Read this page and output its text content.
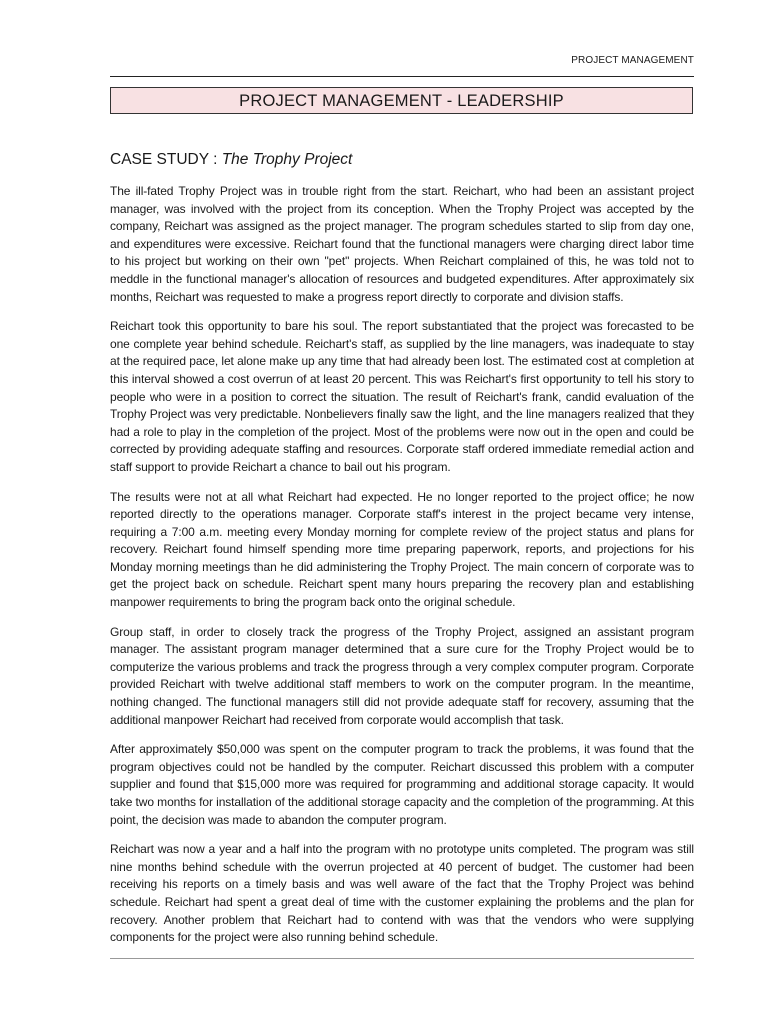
PROJECT MANAGEMENT
PROJECT MANAGEMENT - LEADERSHIP
CASE STUDY : The Trophy Project

The ill-fated Trophy Project was in trouble right from the start. Reichart, who had been an assistant project manager, was involved with the project from its conception. When the Trophy Project was accepted by the company, Reichart was assigned as the project manager. The program schedules started to slip from day one, and expenditures were excessive. Reichart found that the functional managers were charging direct labor time to his project but working on their own "pet" projects. When Reichart complained of this, he was told not to meddle in the functional manager's allocation of resources and budgeted expenditures. After approximately six months, Reichart was requested to make a progress report directly to corporate and division staffs.

Reichart took this opportunity to bare his soul. The report substantiated that the project was forecasted to be one complete year behind schedule. Reichart's staff, as supplied by the line managers, was inadequate to stay at the required pace, let alone make up any time that had already been lost. The estimated cost at completion at this interval showed a cost overrun of at least 20 percent. This was Reichart's first opportunity to tell his story to people who were in a position to correct the situation. The result of Reichart's frank, candid evaluation of the Trophy Project was very predictable. Nonbelievers finally saw the light, and the line managers realized that they had a role to play in the completion of the project. Most of the problems were now out in the open and could be corrected by providing adequate staffing and resources. Corporate staff ordered immediate remedial action and staff support to provide Reichart a chance to bail out his program.

The results were not at all what Reichart had expected. He no longer reported to the project office; he now reported directly to the operations manager. Corporate staff's interest in the project became very intense, requiring a 7:00 a.m. meeting every Monday morning for complete review of the project status and plans for recovery. Reichart found himself spending more time preparing paperwork, reports, and projections for his Monday morning meetings than he did administering the Trophy Project. The main concern of corporate was to get the project back on schedule. Reichart spent many hours preparing the recovery plan and establishing manpower requirements to bring the program back onto the original schedule.

Group staff, in order to closely track the progress of the Trophy Project, assigned an assistant program manager. The assistant program manager determined that a sure cure for the Trophy Project would be to computerize the various problems and track the progress through a very complex computer program. Corporate provided Reichart with twelve additional staff members to work on the computer program. In the meantime, nothing changed. The functional managers still did not provide adequate staff for recovery, assuming that the additional manpower Reichart had received from corporate would accomplish that task.

After approximately $50,000 was spent on the computer program to track the problems, it was found that the program objectives could not be handled by the computer. Reichart discussed this problem with a computer supplier and found that $15,000 more was required for programming and additional storage capacity. It would take two months for installation of the additional storage capacity and the completion of the programming. At this point, the decision was made to abandon the computer program.

Reichart was now a year and a half into the program with no prototype units completed. The program was still nine months behind schedule with the overrun projected at 40 percent of budget. The customer had been receiving his reports on a timely basis and was well aware of the fact that the Trophy Project was behind schedule. Reichart had spent a great deal of time with the customer explaining the problems and the plan for recovery. Another problem that Reichart had to contend with was that the vendors who were supplying components for the project were also running behind schedule.
